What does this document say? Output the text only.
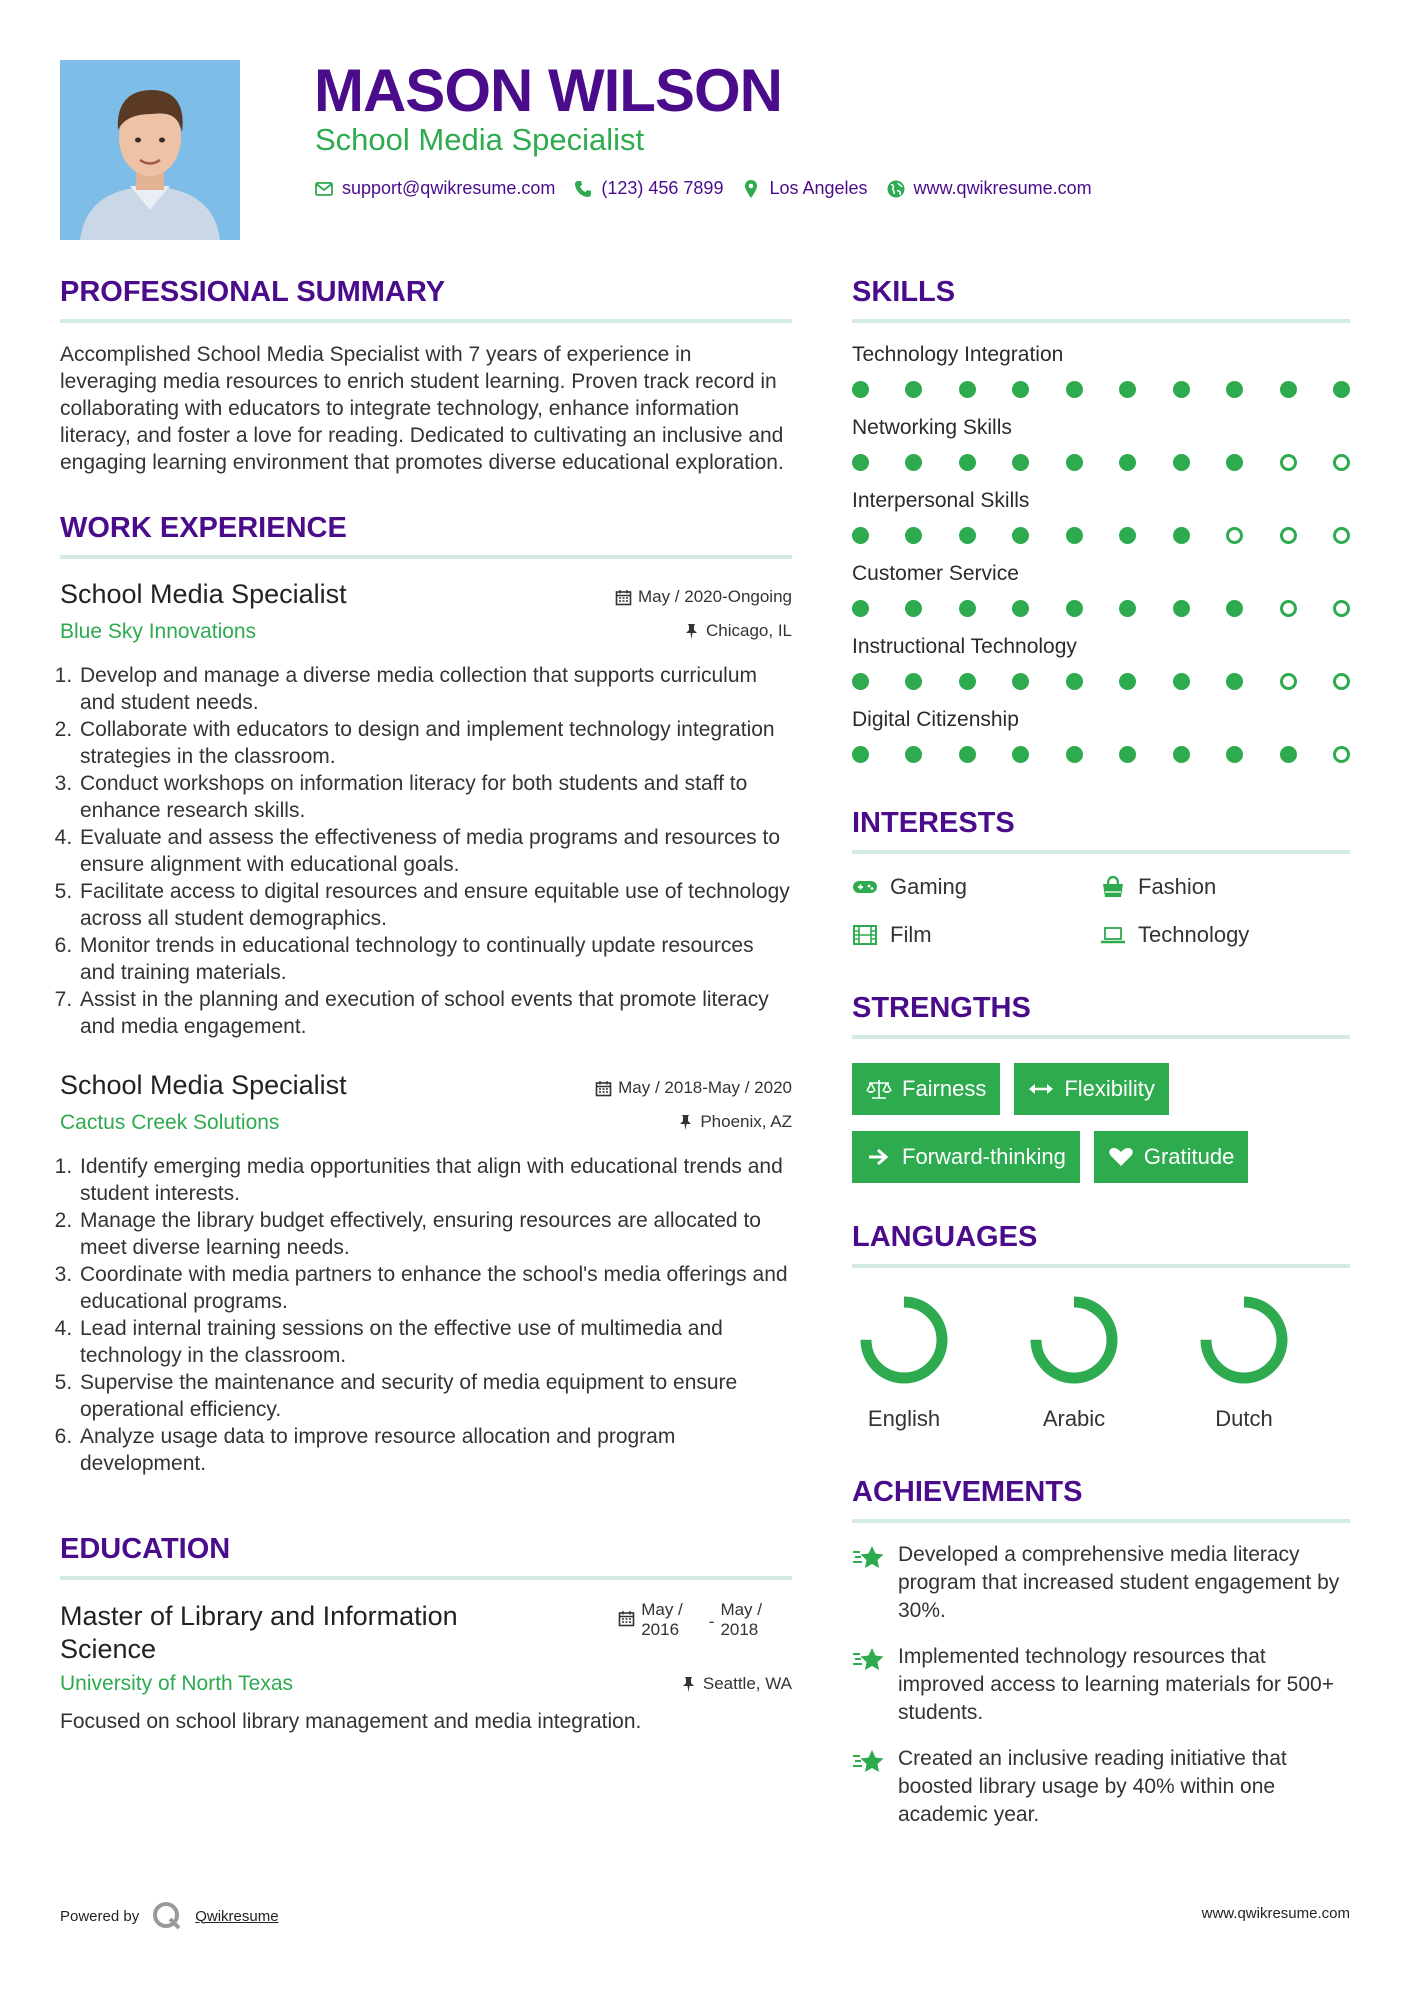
MASON WILSON
School Media Specialist
support@qwikresume.com	(123) 456 7899	Los Angeles	www.qwikresume.com
PROFESSIONAL SUMMARY

Accomplished School Media Specialist with 7 years of experience in leveraging media resources to enrich student learning. Proven track record in collaborating with educators to integrate technology, enhance information literacy, and foster a love for reading. Dedicated to cultivating an inclusive and engaging learning environment that promotes diverse educational exploration.

WORK EXPERIENCE
School Media Specialist
Blue Sky Innovations
May / 2020-Ongoing
Chicago, IL
1. Develop and manage a diverse media collection that supports curriculum and student needs.
2. Collaborate with educators to design and implement technology integration strategies in the classroom.
3. Conduct workshops on information literacy for both students and staff to enhance research skills.
4. Evaluate and assess the effectiveness of media programs and resources to ensure alignment with educational goals.
5. Facilitate access to digital resources and ensure equitable use of technology across all student demographics.
6. Monitor trends in educational technology to continually update resources and training materials.
7. Assist in the planning and execution of school events that promote literacy and media engagement.
School Media Specialist
Cactus Creek Solutions
May / 2018-May / 2020
Phoenix, AZ
1. Identify emerging media opportunities that align with educational trends and student interests.
2. Manage the library budget effectively, ensuring resources are allocated to meet diverse learning needs.
3. Coordinate with media partners to enhance the school's media offerings and educational programs.
4. Lead internal training sessions on the effective use of multimedia and technology in the classroom.
5. Supervise the maintenance and security of media equipment to ensure operational efficiency.
6. Analyze usage data to improve resource allocation and program development.
EDUCATION
Master of Library and Information Science
May /
2016 -
May /
2018
University of North Texas	Seattle, WA

Focused on school library management and media integration.

SKILLS
Technology Integration
Networking Skills
Interpersonal Skills
Customer Service
Instructional Technology
Digital Citizenship
INTERESTS
Gaming	Fashion
Film	Technology
STRENGTHS
Fairness	Flexibility
Forward-thinking	Gratitude
LANGUAGES
English	Arabic	Dutch
ACHIEVEMENTS
Developed a comprehensive media literacy program that increased student engagement by 30%.
Implemented technology resources that improved access to learning materials for 500+ students.
Created an inclusive reading initiative that boosted library usage by 40% within one academic year.
Powered by	Qwikresume	www.qwikresume.com
